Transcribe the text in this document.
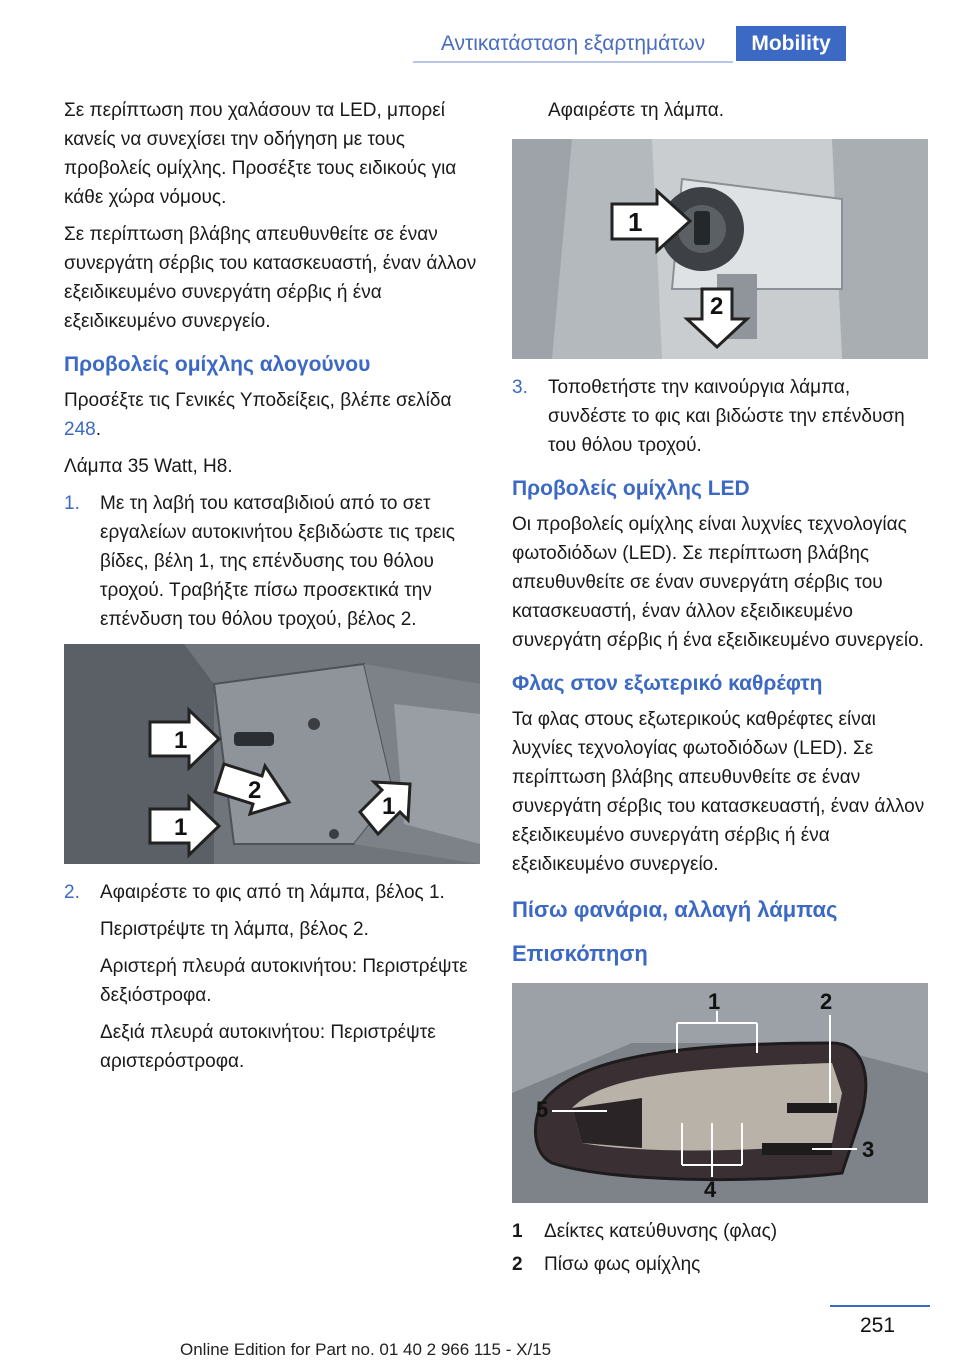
Αντικατάσταση εξαρτημάτων	Mobility

Σε περίπτωση που χαλάσουν τα LED, μπορεί κανείς να συνεχίσει την οδήγηση με τους προβολείς ομίχλης. Προσέξτε τους ειδικούς για κάθε χώρα νόμους.

Σε περίπτωση βλάβης απευθυνθείτε σε έναν συνεργάτη σέρβις του κατασκευαστή, έναν άλλον εξειδικευμένο συνεργάτη σέρβις ή ένα εξειδικευμένο συνεργείο.

Προβολείς ομίχλης αλογούνου

Προσέξτε τις Γενικές Υποδείξεις, βλέπε σελίδα 248.

Λάμπα 35 Watt, H8.

1. Με τη λαβή του κατσαβιδιού από το σετ εργαλείων αυτοκινήτου ξεβιδώστε τις τρεις βίδες, βέλη 1, της επένδυσης του θόλου τροχού. Τραβήξτε πίσω προσεκτικά την επένδυση του θόλου τροχού, βέλος 2.
1
2
1
1
2. Αφαιρέστε το φις από τη λάμπα, βέλος 1.
Περιστρέψτε τη λάμπα, βέλος 2.
Αριστερή πλευρά αυτοκινήτου: Περιστρέψτε δεξιόστροφα.
Δεξιά πλευρά αυτοκινήτου: Περιστρέψτε αριστερόστροφα.
Αφαιρέστε τη λάμπα.
1
2
3. Τοποθετήστε την καινούργια λάμπα, συνδέστε το φις και βιδώστε την επένδυση του θόλου τροχού.
Προβολείς ομίχλης LED

Οι προβολείς ομίχλης είναι λυχνίες τεχνολογίας φωτοδιόδων (LED). Σε περίπτωση βλάβης απευθυνθείτε σε έναν συνεργάτη σέρβις του κατασκευαστή, έναν άλλον εξειδικευμένο συνεργάτη σέρβις ή ένα εξειδικευμένο συνεργείο.

Φλας στον εξωτερικό καθρέφτη

Τα φλας στους εξωτερικούς καθρέφτες είναι λυχνίες τεχνολογίας φωτοδιόδων (LED). Σε περίπτωση βλάβης απευθυνθείτε σε έναν συνεργάτη σέρβις του κατασκευαστή, έναν άλλον εξειδικευμένο συνεργάτη σέρβις ή ένα εξειδικευμένο συνεργείο.

Πίσω φανάρια, αλλαγή λάμπας
Επισκόπηση
1	2
5
3
4
1 Δείκτες κατεύθυνσης (φλας)
2 Πίσω φως ομίχλης
251
Online Edition for Part no. 01 40 2 966 115 - X/15
